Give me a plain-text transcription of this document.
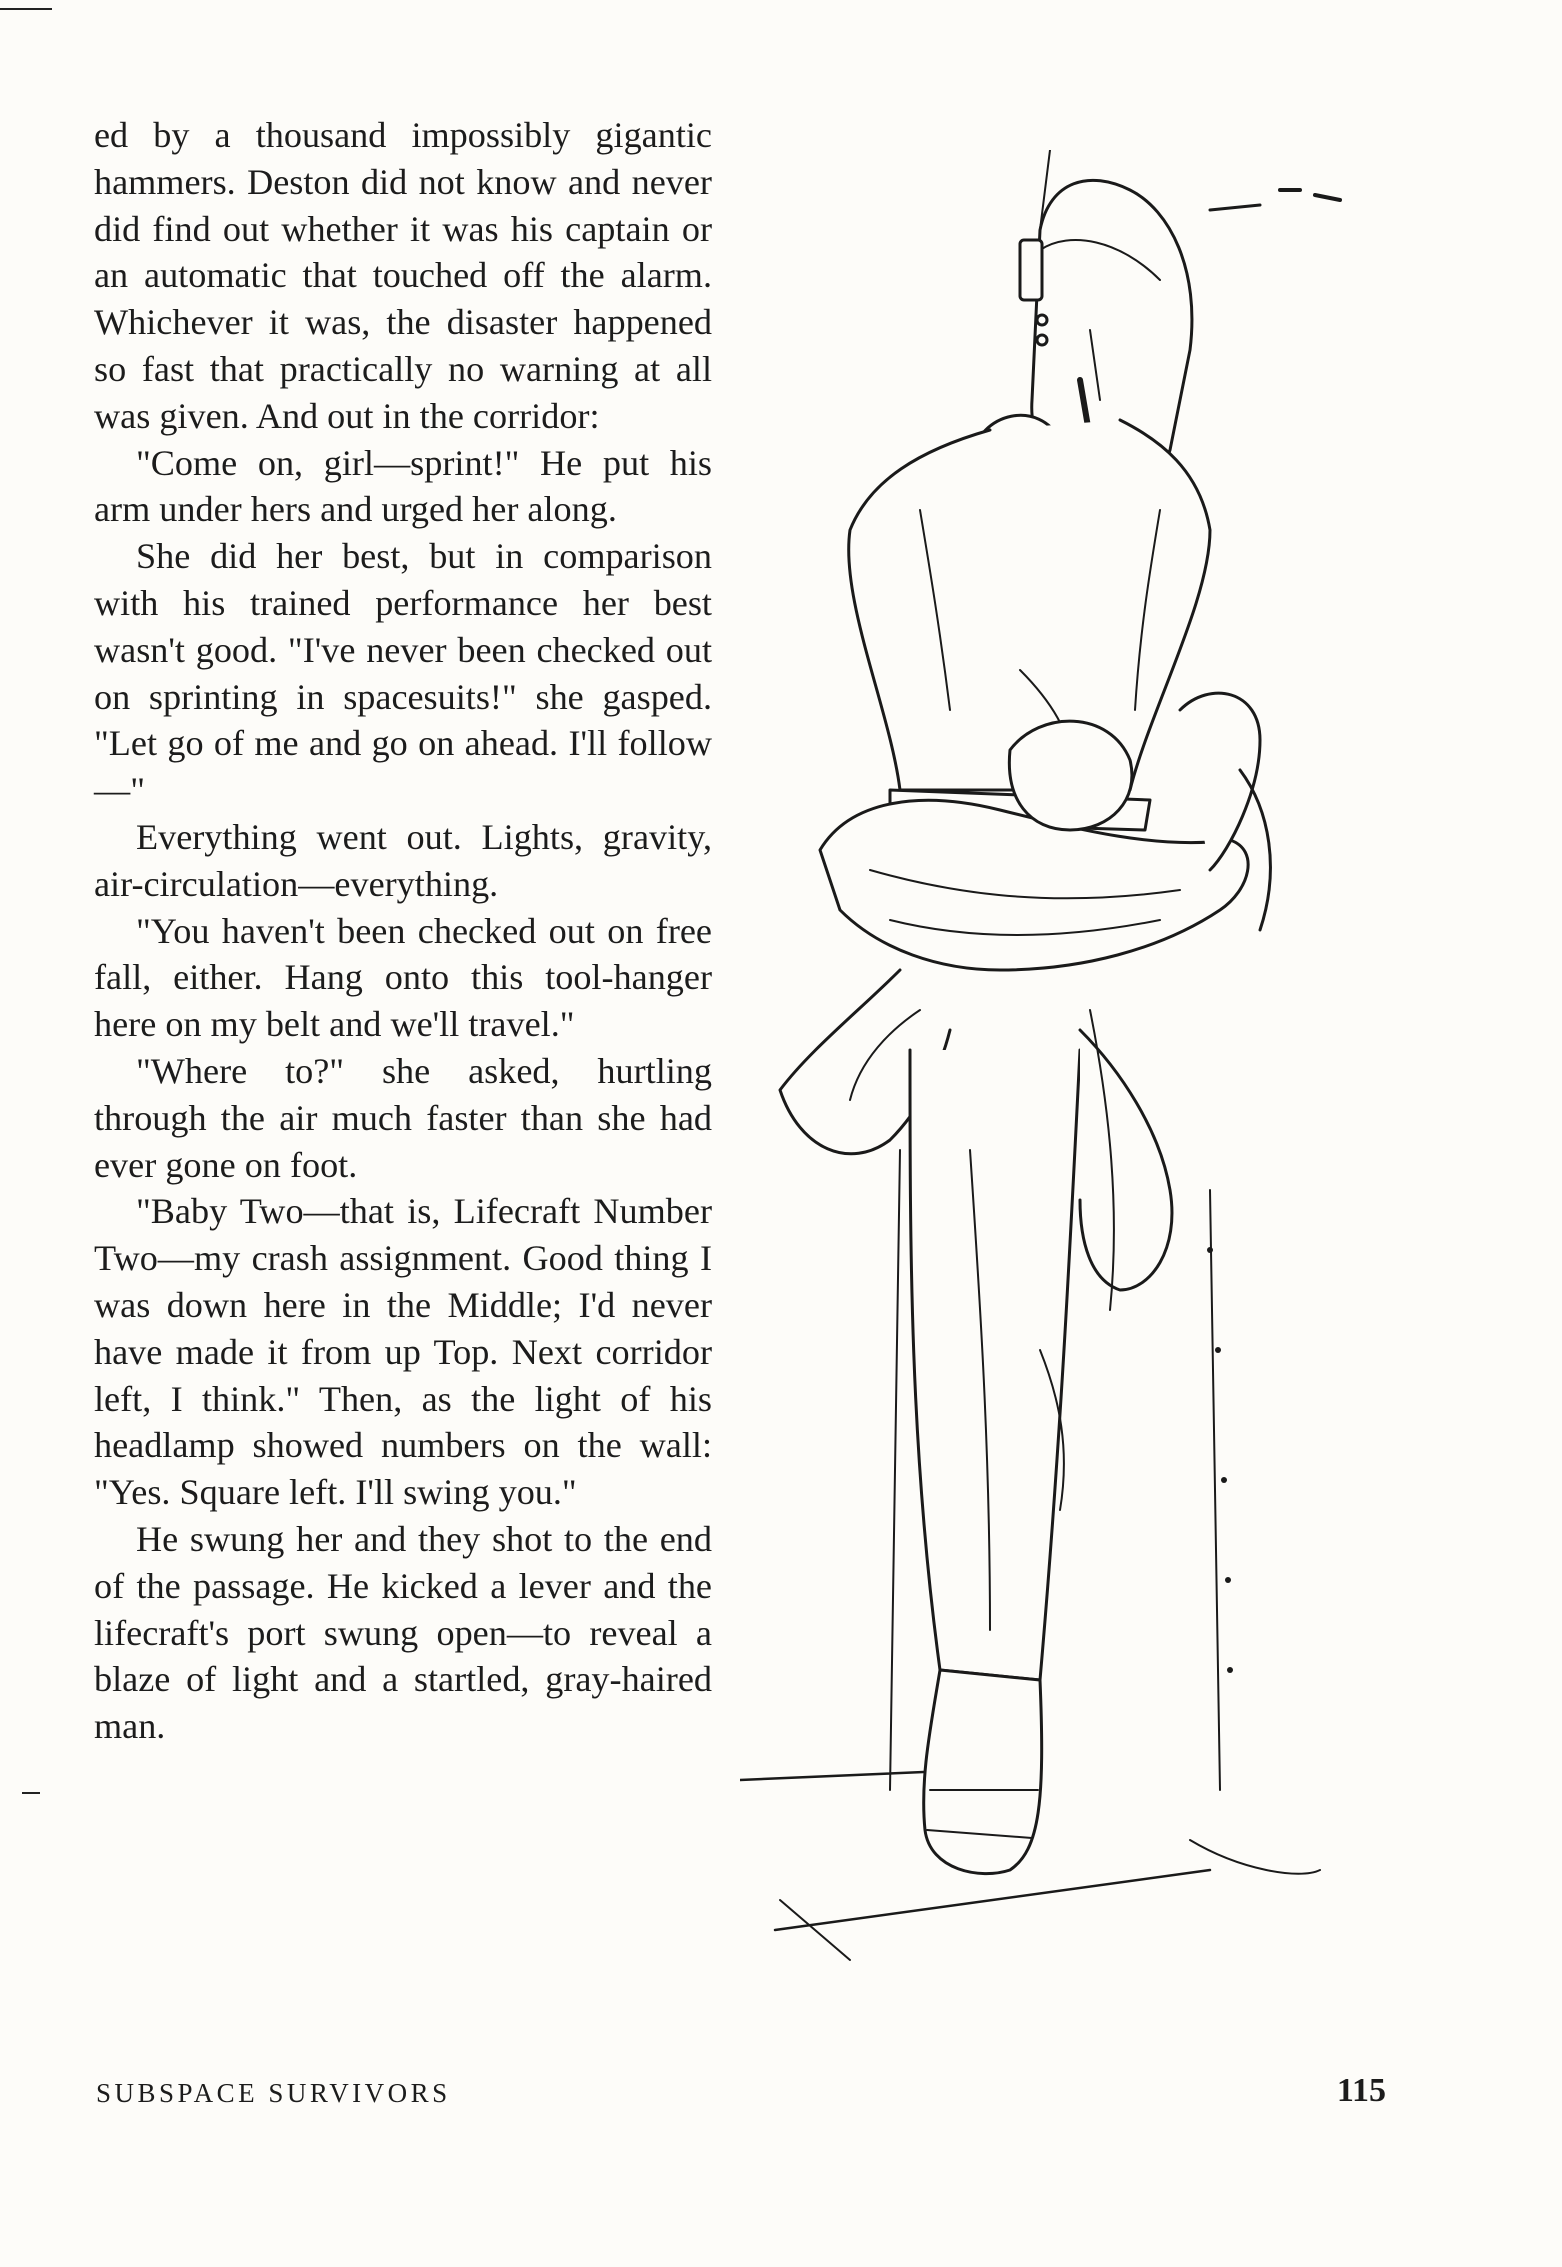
ed by a thousand impossibly gigantic hammers. Deston did not know and never did find out whether it was his captain or an automatic that touched off the alarm. Whichever it was, the disaster happened so fast that practically no warning at all was given. And out in the corridor:

"Come on, girl—sprint!" He put his arm under hers and urged her along.

She did her best, but in comparison with his trained performance her best wasn't good. "I've never been checked out on sprinting in spacesuits!" she gasped. "Let go of me and go on ahead. I'll follow—"

Everything went out. Lights, gravity, air-circulation—everything.

"You haven't been checked out on free fall, either. Hang onto this tool-hanger here on my belt and we'll travel."

"Where to?" she asked, hurtling through the air much faster than she had ever gone on foot.

"Baby Two—that is, Lifecraft Number Two—my crash assignment. Good thing I was down here in the Middle; I'd never have made it from up Top. Next corridor left, I think." Then, as the light of his headlamp showed numbers on the wall: "Yes. Square left. I'll swing you."

He swung her and they shot to the end of the passage. He kicked a lever and the lifecraft's port swung open—to reveal a blaze of light and a startled, gray-haired man.

SUBSPACE SURVIVORS	115
